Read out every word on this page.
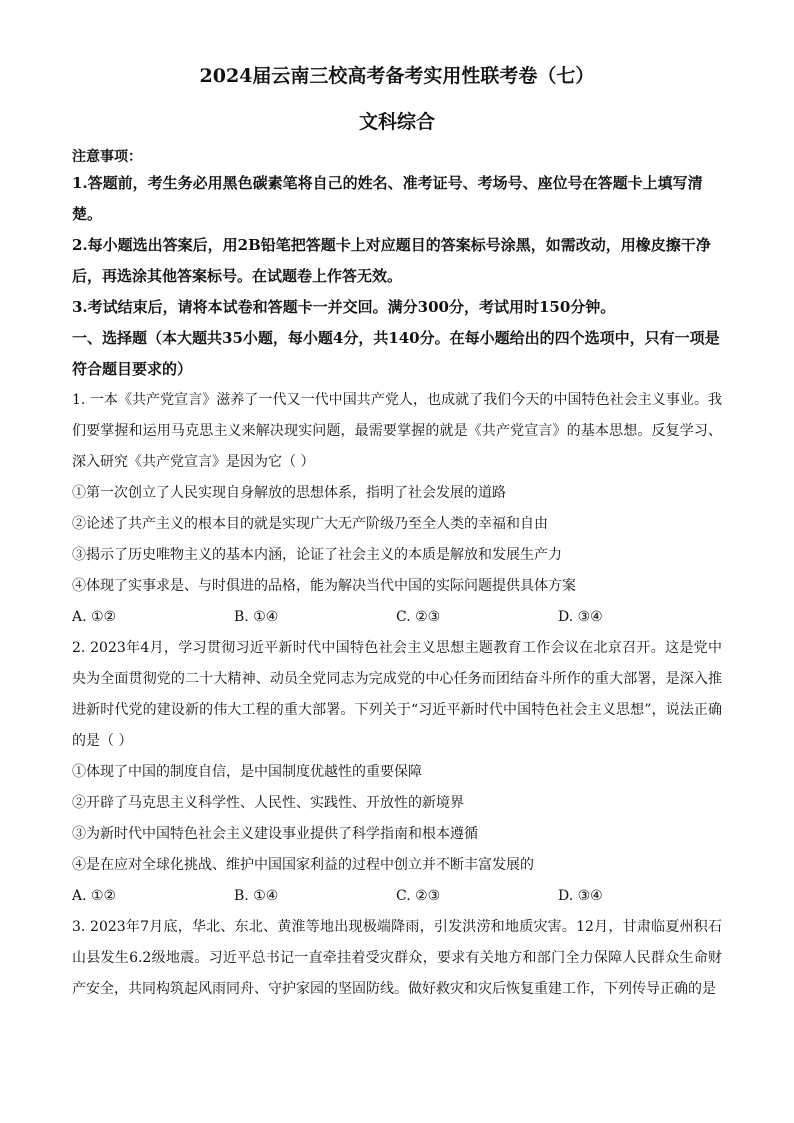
2024届云南三校高考备考实用性联考卷（七）

文科综合

注意事项：

1.答题前，考生务必用黑色碳素笔将自己的姓名、准考证号、考场号、座位号在答题卡上填写清楚。

2.每小题选出答案后，用2B铅笔把答题卡上对应题目的答案标号涂黑，如需改动，用橡皮擦干净后，再选涂其他答案标号。在试题卷上作答无效。

3.考试结束后，请将本试卷和答题卡一并交回。满分300分，考试用时150分钟。

一、选择题（本大题共35小题，每小题4分，共140分。在每小题给出的四个选项中，只有一项是符合题目要求的）

1. 一本《共产党宣言》滋养了一代又一代中国共产党人，也成就了我们今天的中国特色社会主义事业。我们要掌握和运用马克思主义来解决现实问题，最需要掌握的就是《共产党宣言》的基本思想。反复学习、深入研究《共产党宣言》是因为它（ ）

①第一次创立了人民实现自身解放的思想体系，指明了社会发展的道路

②论述了共产主义的根本目的就是实现广大无产阶级乃至全人类的幸福和自由

③揭示了历史唯物主义的基本内涵，论证了社会主义的本质是解放和发展生产力

④体现了实事求是、与时俱进的品格，能为解决当代中国的实际问题提供具体方案

A. ①②	B. ①④	C. ②③	D. ③④

2. 2023年4月，学习贯彻习近平新时代中国特色社会主义思想主题教育工作会议在北京召开。这是党中央为全面贯彻党的二十大精神、动员全党同志为完成党的中心任务而团结奋斗所作的重大部署，是深入推进新时代党的建设新的伟大工程的重大部署。下列关于“习近平新时代中国特色社会主义思想”，说法正确的是（ ）

①体现了中国的制度自信，是中国制度优越性的重要保障

②开辟了马克思主义科学性、人民性、实践性、开放性的新境界

③为新时代中国特色社会主义建设事业提供了科学指南和根本遵循

④是在应对全球化挑战、维护中国国家利益的过程中创立并不断丰富发展的

A. ①②	B. ①④	C. ②③	D. ③④

3. 2023年7月底，华北、东北、黄淮等地出现极端降雨，引发洪涝和地质灾害。12月，甘肃临夏州积石山县发生6.2级地震。习近平总书记一直牵挂着受灾群众，要求有关地方和部门全力保障人民群众生命财产安全，共同构筑起风雨同舟、守护家园的坚固防线。做好救灾和灾后恢复重建工作，下列传导正确的是
